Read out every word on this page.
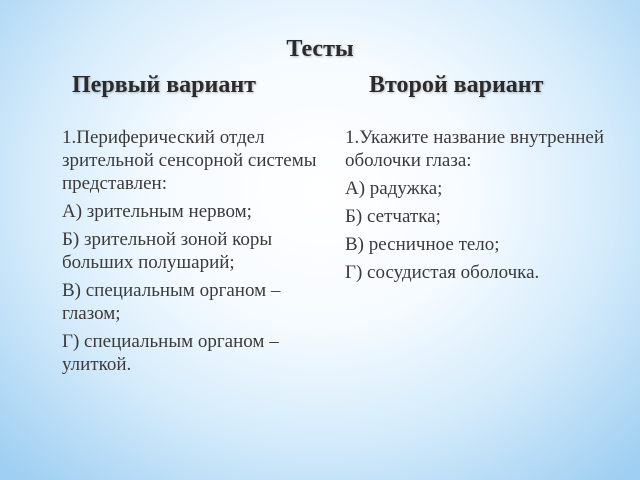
Тесты
Первый вариант	Второй вариант

1.Периферический отдел зрительной сенсорной системы представлен:

А) зрительным нервом;

Б) зрительной зоной коры больших полушарий;

В) специальным органом – глазом;

Г) специальным органом – улиткой.

1.Укажите название внутренней оболочки глаза:

А) радужка;

Б) сетчатка;

В) ресничное тело;

Г) сосудистая оболочка.
